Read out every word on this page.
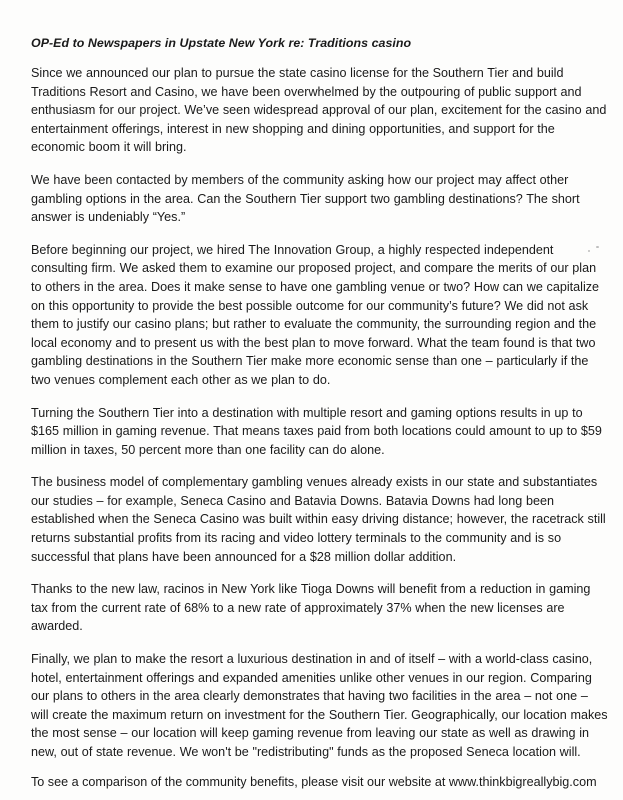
OP-Ed to Newspapers in Upstate New York re: Traditions casino

Since we announced our plan to pursue the state casino license for the Southern Tier and build Traditions Resort and Casino, we have been overwhelmed by the outpouring of public support and enthusiasm for our project. We’ve seen widespread approval of our plan, excitement for the casino and entertainment offerings, interest in new shopping and dining opportunities, and support for the economic boom it will bring.

We have been contacted by members of the community asking how our project may affect other gambling options in the area. Can the Southern Tier support two gambling destinations? The short answer is undeniably “Yes.”

Before beginning our project, we hired The Innovation Group, a highly respected independent consulting firm. We asked them to examine our proposed project, and compare the merits of our plan to others in the area. Does it make sense to have one gambling venue or two? How can we capitalize on this opportunity to provide the best possible outcome for our community’s future? We did not ask them to justify our casino plans; but rather to evaluate the community, the surrounding region and the local economy and to present us with the best plan to move forward. What the team found is that two gambling destinations in the Southern Tier make more economic sense than one – particularly if the two venues complement each other as we plan to do.

Turning the Southern Tier into a destination with multiple resort and gaming options results in up to $165 million in gaming revenue. That means taxes paid from both locations could amount to up to $59 million in taxes, 50 percent more than one facility can do alone.

The business model of complementary gambling venues already exists in our state and substantiates our studies – for example, Seneca Casino and Batavia Downs. Batavia Downs had long been established when the Seneca Casino was built within easy driving distance; however, the racetrack still returns substantial profits from its racing and video lottery terminals to the community and is so successful that plans have been announced for a $28 million dollar addition.

Thanks to the new law, racinos in New York like Tioga Downs will benefit from a reduction in gaming tax from the current rate of 68% to a new rate of approximately 37% when the new licenses are awarded.

Finally, we plan to make the resort a luxurious destination in and of itself – with a world-class casino, hotel, entertainment offerings and expanded amenities unlike other venues in our region. Comparing our plans to others in the area clearly demonstrates that having two facilities in the area – not one – will create the maximum return on investment for the Southern Tier. Geographically, our location makes the most sense – our location will keep gaming revenue from leaving our state as well as drawing in new, out of state revenue. We won't be "redistributing" funds as the proposed Seneca location will.

To see a comparison of the community benefits, please visit our website at www.thinkbigreallybig.com
